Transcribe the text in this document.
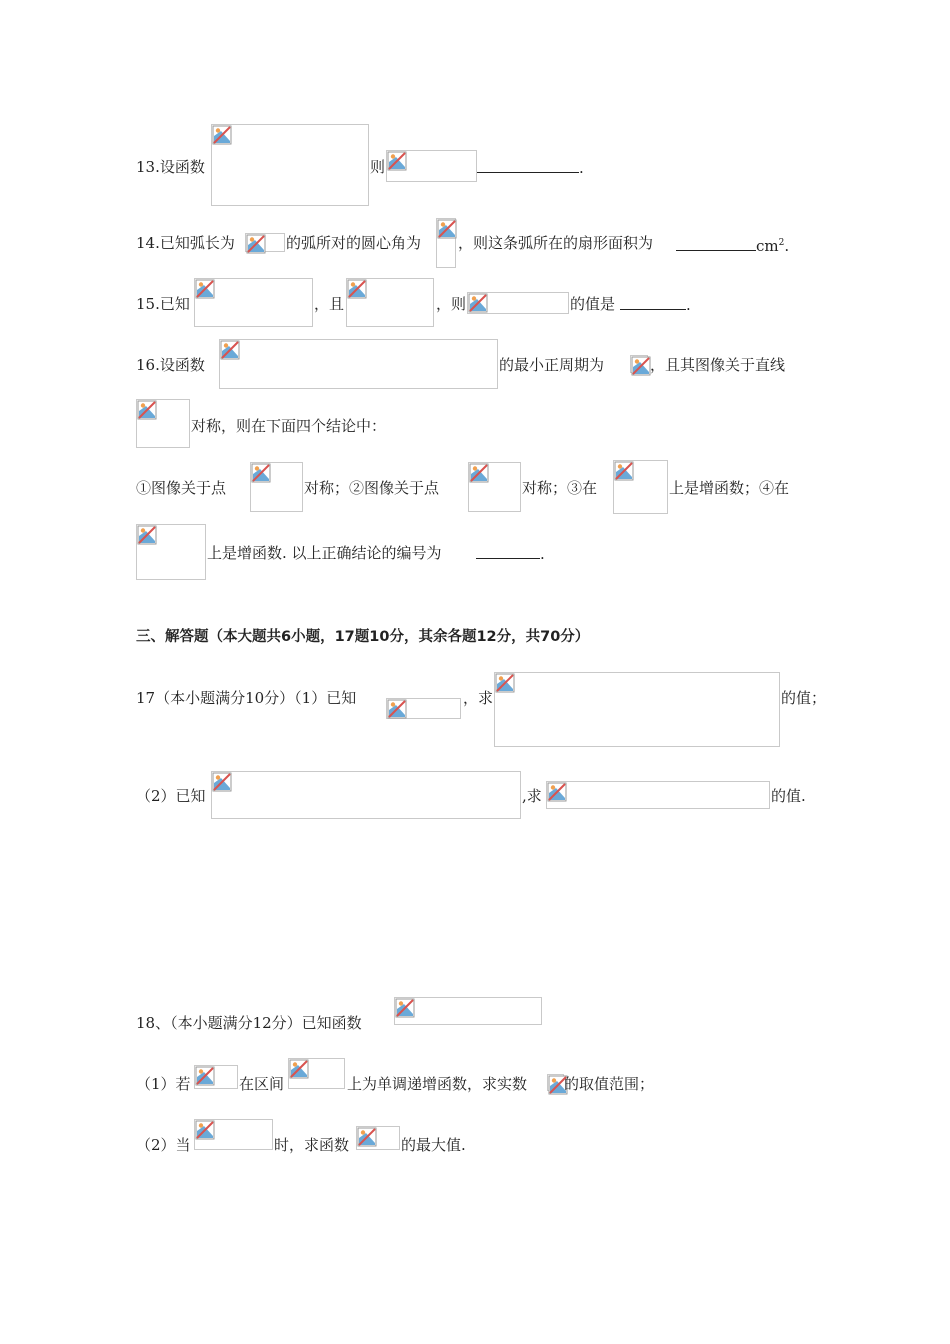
13.设函数	则	.
14.已知弧长为	的弧所对的圆心角为 ，则这条弧所在的扇形面积为	$cm^2$.
15.已知	，且	，则	的值是	.
16.设函数	的最小正周期为	，且其图像关于直线
对称，则在下面四个结论中：
①图像关于点	对称；②图像关于点	对称；③在	上是增函数；④在
上是增函数. 以上正确结论的编号为	.
三、解答题（本大题共6小题，17题10分，其余各题12分，共70分）
17（本小题满分10分）（1）已知	，求	的值；
（2）已知	,求	的值.
18、（本小题满分12分）已知函数
（1）若	在区间	上为单调递增函数，求实数 的取值范围；
（2）当	时，求函数	的最大值.
